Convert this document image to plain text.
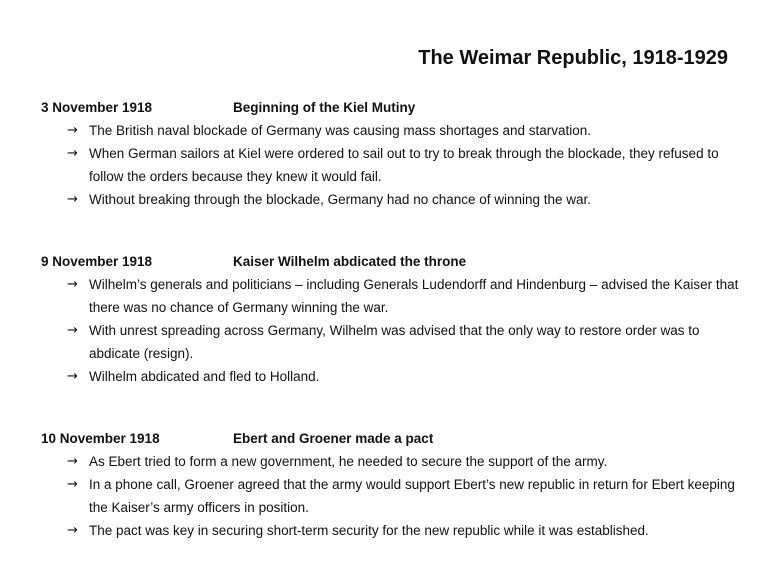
The Weimar Republic, 1918-1929
3 November 1918	Beginning of the Kiel Mutiny
→ The British naval blockade of Germany was causing mass shortages and starvation.
→ When German sailors at Kiel were ordered to sail out to try to break through the blockade, they refused to follow the orders because they knew it would fail.
→ Without breaking through the blockade, Germany had no chance of winning the war.
9 November 1918	Kaiser Wilhelm abdicated the throne
→ Wilhelm’s generals and politicians – including Generals Ludendorff and Hindenburg – advised the Kaiser that there was no chance of Germany winning the war.
→ With unrest spreading across Germany, Wilhelm was advised that the only way to restore order was to abdicate (resign).
→ Wilhelm abdicated and fled to Holland.
10 November 1918	Ebert and Groener made a pact
→ As Ebert tried to form a new government, he needed to secure the support of the army.
→ In a phone call, Groener agreed that the army would support Ebert’s new republic in return for Ebert keeping the Kaiser’s army officers in position.
→ The pact was key in securing short-term security for the new republic while it was established.
